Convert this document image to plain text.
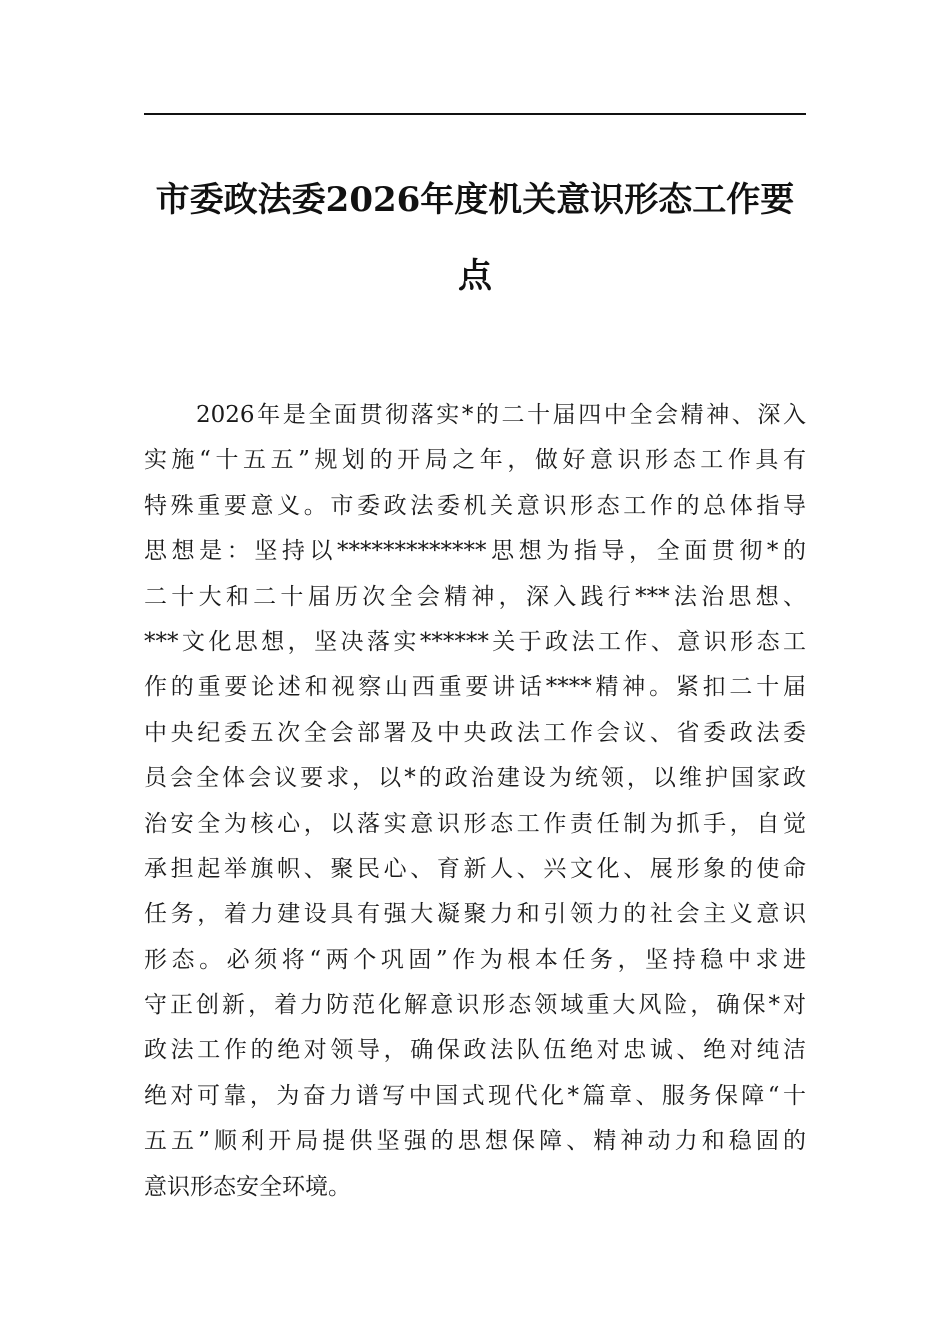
市委政法委2026年度机关意识形态工作要
点
2026年是全面贯彻落实*的二十届四中全会精神、深入
实施“十五五”规划的开局之年，做好意识形态工作具有
特殊重要意义。市委政法委机关意识形态工作的总体指导
思想是：坚持以*************思想为指导，全面贯彻*的
二十大和二十届历次全会精神，深入践行***法治思想、
***文化思想，坚决落实******关于政法工作、意识形态工
作的重要论述和视察山西重要讲话****精神。紧扣二十届
中央纪委五次全会部署及中央政法工作会议、省委政法委
员会全体会议要求，以*的政治建设为统领，以维护国家政
治安全为核心，以落实意识形态工作责任制为抓手，自觉
承担起举旗帜、聚民心、育新人、兴文化、展形象的使命
任务，着力建设具有强大凝聚力和引领力的社会主义意识
形态。必须将“两个巩固”作为根本任务，坚持稳中求进
守正创新，着力防范化解意识形态领域重大风险，确保*对
政法工作的绝对领导，确保政法队伍绝对忠诚、绝对纯洁
绝对可靠，为奋力谱写中国式现代化*篇章、服务保障“十
五五”顺利开局提供坚强的思想保障、精神动力和稳固的
意识形态安全环境。
